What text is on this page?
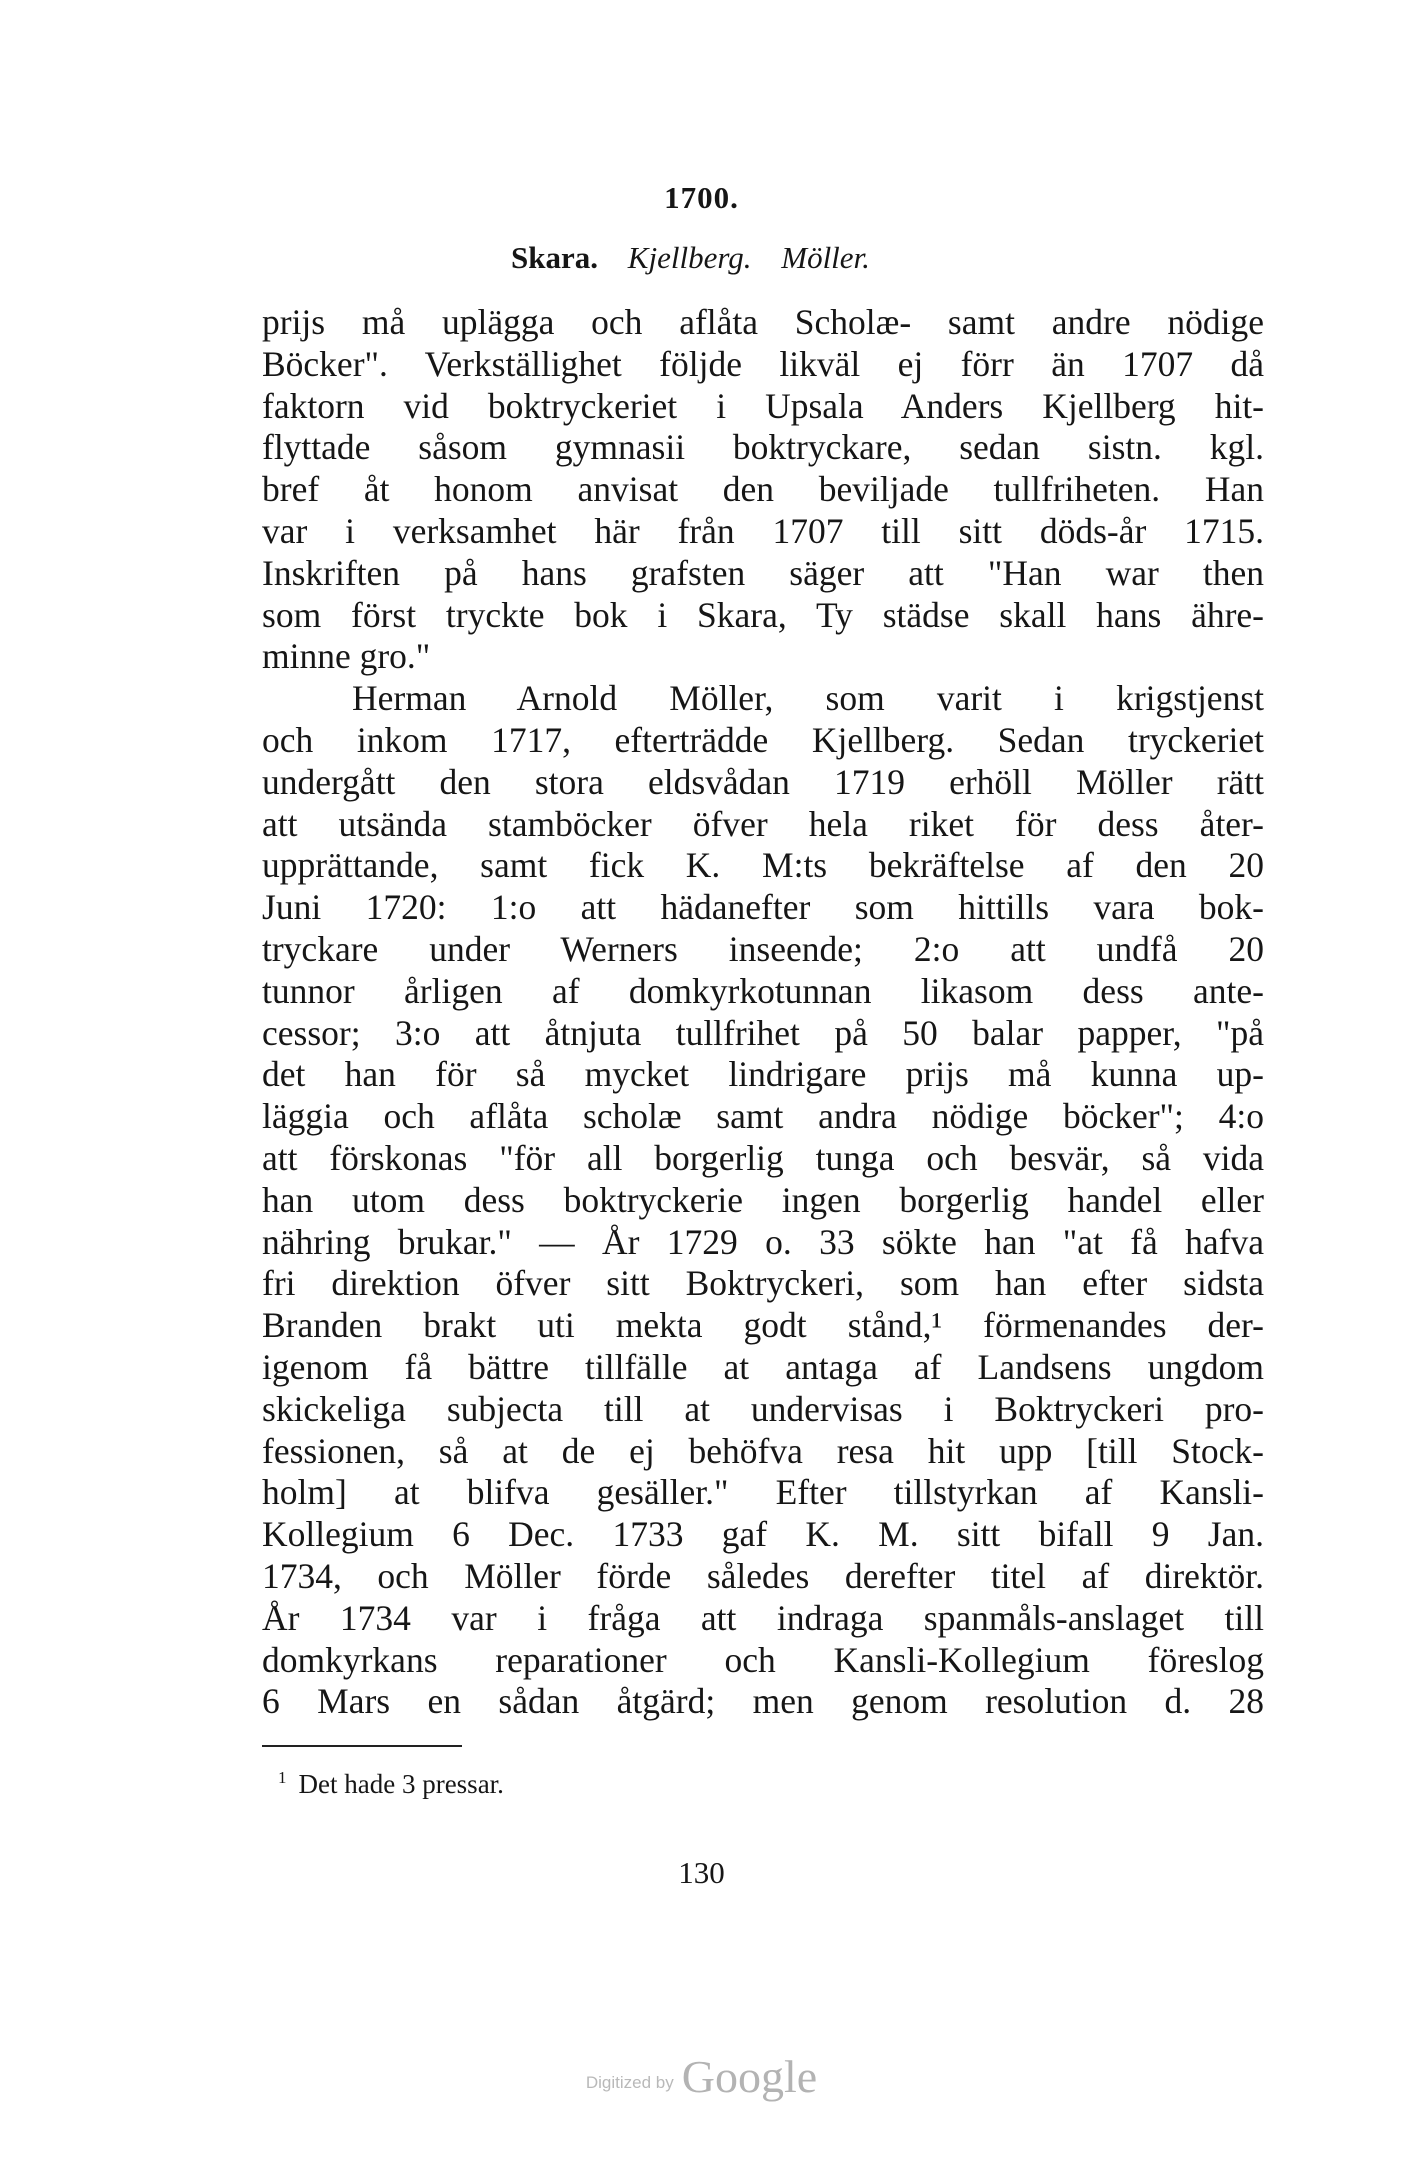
1700.
Skara. Kjellberg. Möller.
prijs må uplägga och aflåta Scholæ- samt andre nödige
Böcker". Verkställighet följde likväl ej förr än 1707 då
faktorn vid boktryckeriet i Upsala Anders Kjellberg hit-
flyttade såsom gymnasii boktryckare, sedan sistn. kgl.
bref åt honom anvisat den beviljade tullfriheten. Han
var i verksamhet här från 1707 till sitt döds-år 1715.
Inskriften på hans grafsten säger att "Han war then
som först tryckte bok i Skara, Ty städse skall hans ähre-
minne gro."
Herman Arnold Möller, som varit i krigstjenst
och inkom 1717, efterträdde Kjellberg. Sedan tryckeriet
undergått den stora eldsvådan 1719 erhöll Möller rätt
att utsända stamböcker öfver hela riket för dess åter-
upprättande, samt fick K. M:ts bekräftelse af den 20
Juni 1720: 1:o att hädanefter som hittills vara bok-
tryckare under Werners inseende; 2:o att undfå 20
tunnor årligen af domkyrkotunnan likasom dess ante-
cessor; 3:o att åtnjuta tullfrihet på 50 balar papper, "på
det han för så mycket lindrigare prijs må kunna up-
läggia och aflåta scholæ samt andra nödige böcker"; 4:o
att förskonas "för all borgerlig tunga och besvär, så vida
han utom dess boktryckerie ingen borgerlig handel eller
nähring brukar." — År 1729 o. 33 sökte han "at få hafva
fri direktion öfver sitt Boktryckeri, som han efter sidsta
Branden brakt uti mekta godt stånd,¹ förmenandes der-
igenom få bättre tillfälle at antaga af Landsens ungdom
skickeliga subjecta till at undervisas i Boktryckeri pro-
fessionen, så at de ej behöfva resa hit upp [till Stock-
holm] at blifva gesäller." Efter tillstyrkan af Kansli-
Kollegium 6 Dec. 1733 gaf K. M. sitt bifall 9 Jan.
1734, och Möller förde således derefter titel af direktör.
År 1734 var i fråga att indraga spanmåls-anslaget till
domkyrkans reparationer och Kansli-Kollegium föreslog
6 Mars en sådan åtgärd; men genom resolution d. 28
$^1$ Det hade 3 pressar.
130
Digitized by Google
